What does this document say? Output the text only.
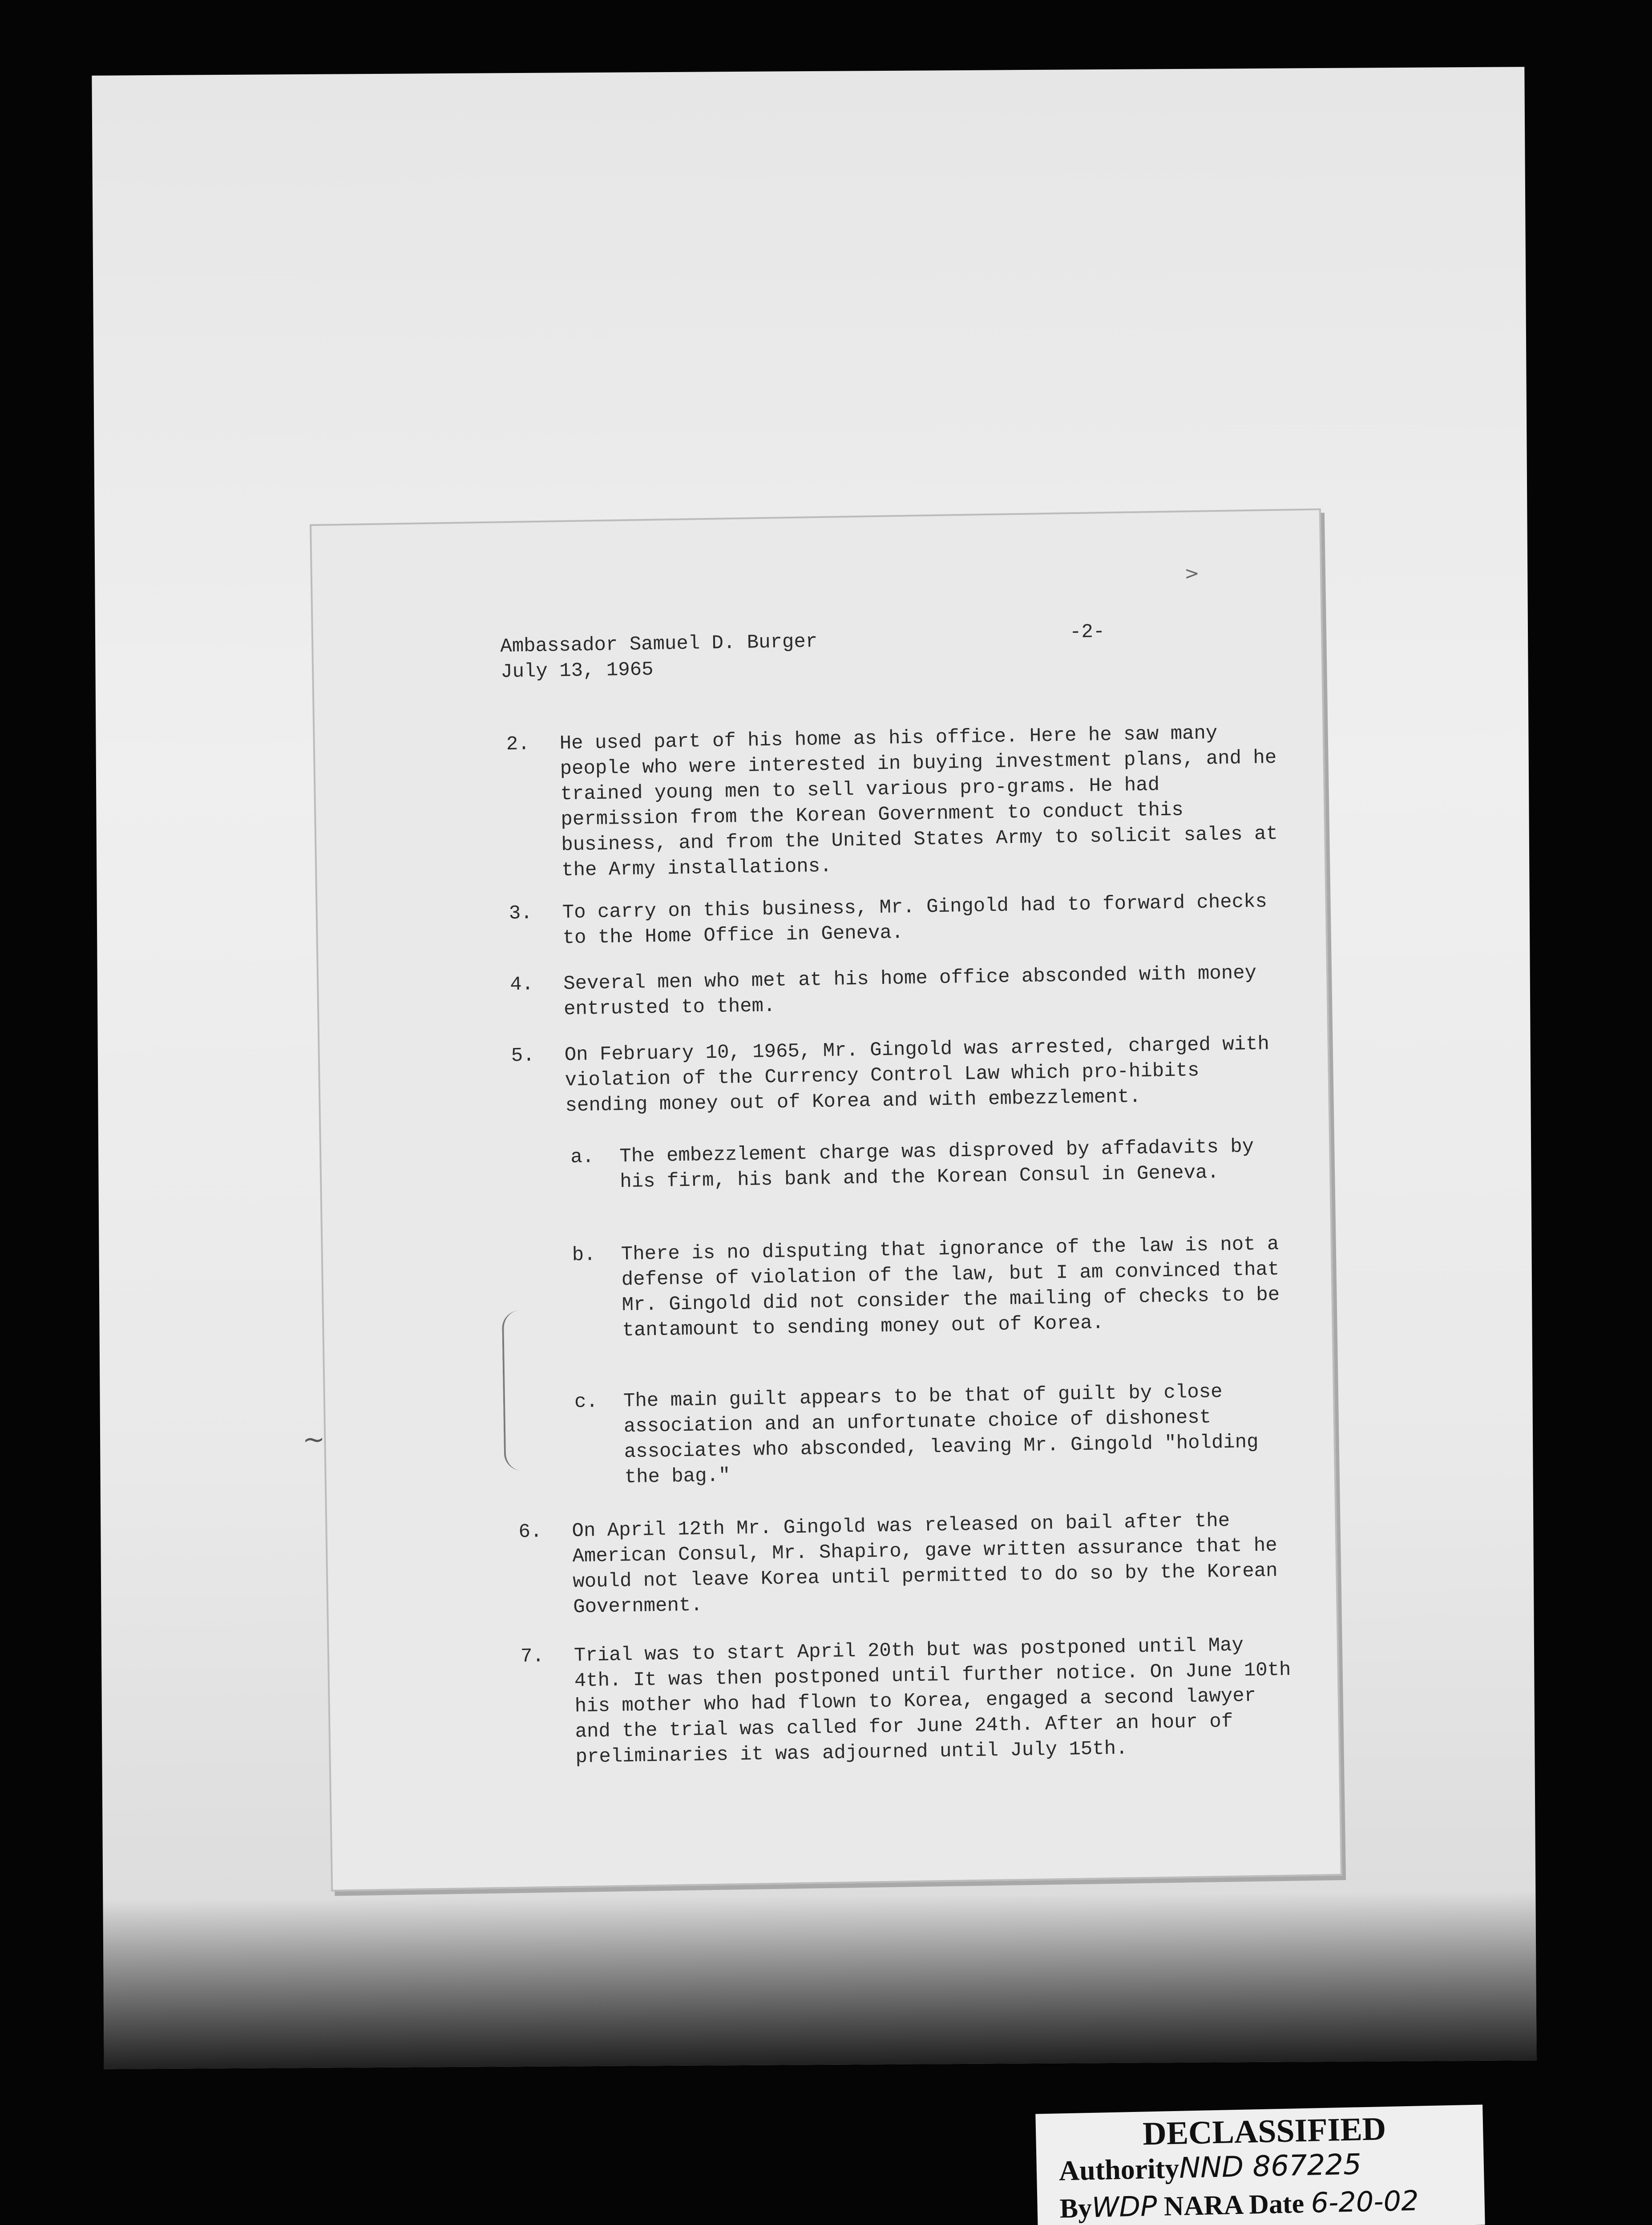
>
Ambassador Samuel D. Burger
July 13, 1965
-2-
2. He used part of his home as his office. Here he saw many people who were interested in buying investment plans, and he trained young men to sell various pro-grams. He had permission from the Korean Government to conduct this business, and from the United States Army to solicit sales at the Army installations.
3. To carry on this business, Mr. Gingold had to forward checks to the Home Office in Geneva.
4. Several men who met at his home office absconded with money entrusted to them.
5. On February 10, 1965, Mr. Gingold was arrested, charged with violation of the Currency Control Law which pro-hibits sending money out of Korea and with embezzlement.
a. The embezzlement charge was disproved by affadavits by his firm, his bank and the Korean Consul in Geneva.
b. There is no disputing that ignorance of the law is not a defense of violation of the law, but I am convinced that Mr. Gingold did not consider the mailing of checks to be tantamount to sending money out of Korea.
c. The main guilt appears to be that of guilt by close association and an unfortunate choice of dishonest associates who absconded, leaving Mr. Gingold "holding the bag."
6. On April 12th Mr. Gingold was released on bail after the American Consul, Mr. Shapiro, gave written assurance that he would not leave Korea until permitted to do so by the Korean Government.
7. Trial was to start April 20th but was postponed until May 4th. It was then postponed until further notice. On June 10th his mother who had flown to Korea, engaged a second lawyer and the trial was called for June 24th. After an hour of preliminaries it was adjourned until July 15th.
~
DECLASSIFIED
AuthorityNND 867225
ByWDP NARA Date 6-20-02
